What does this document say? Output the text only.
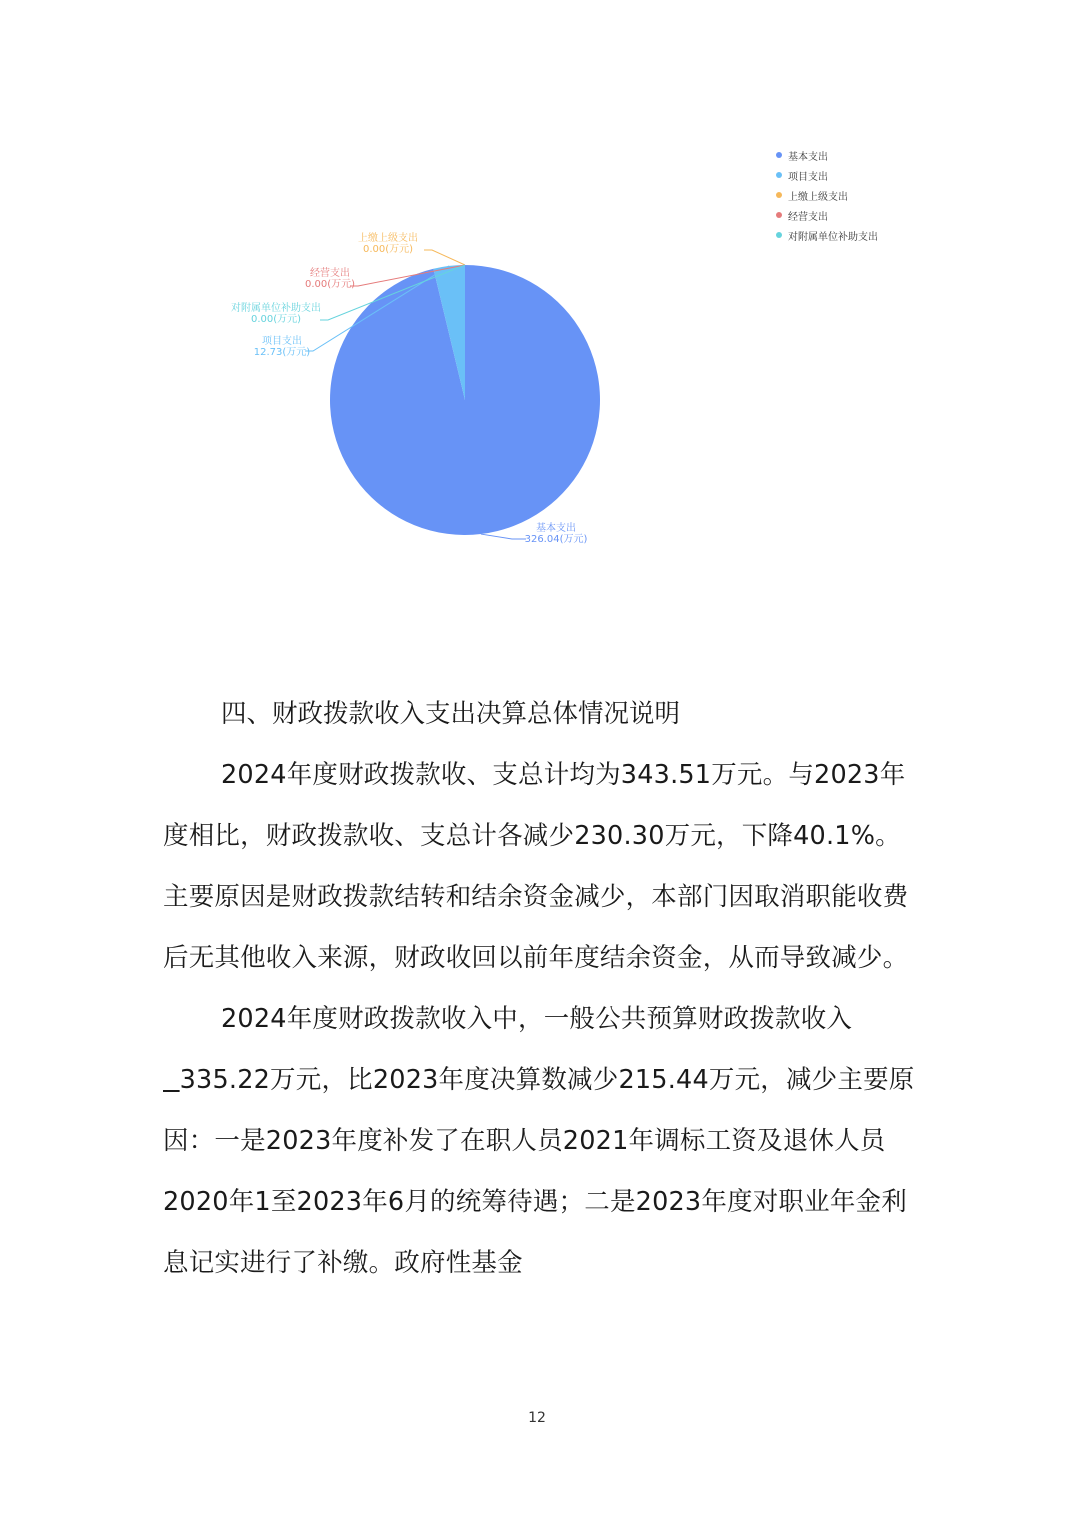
基本支出
326.04(万元)
项目支出
12.73(万元)
上缴上级支出
0.00(万元)
经营支出
0.00(万元)
对附属单位补助支出
0.00(万元)
基本支出
项目支出
上缴上级支出
经营支出
对附属单位补助支出
四、财政拨款收入支出决算总体情况说明

2024年度财政拨款收、支总计均为343.51万元。与2023年度相比，财政拨款收、支总计各减少230.30万元，下降40.1%。主要原因是财政拨款结转和结余资金减少，本部门因取消职能收费后无其他收入来源，财政收回以前年度结余资金，从而导致减少。

2024年度财政拨款收入中，一般公共预算财政拨款收入  335.22万元，比2023年度决算数减少215.44万元，减少主要原因：一是2023年度补发了在职人员2021年调标工资及退休人员2020年1至2023年6月的统筹待遇；二是2023年度对职业年金利息记实进行了补缴。政府性基金

12
